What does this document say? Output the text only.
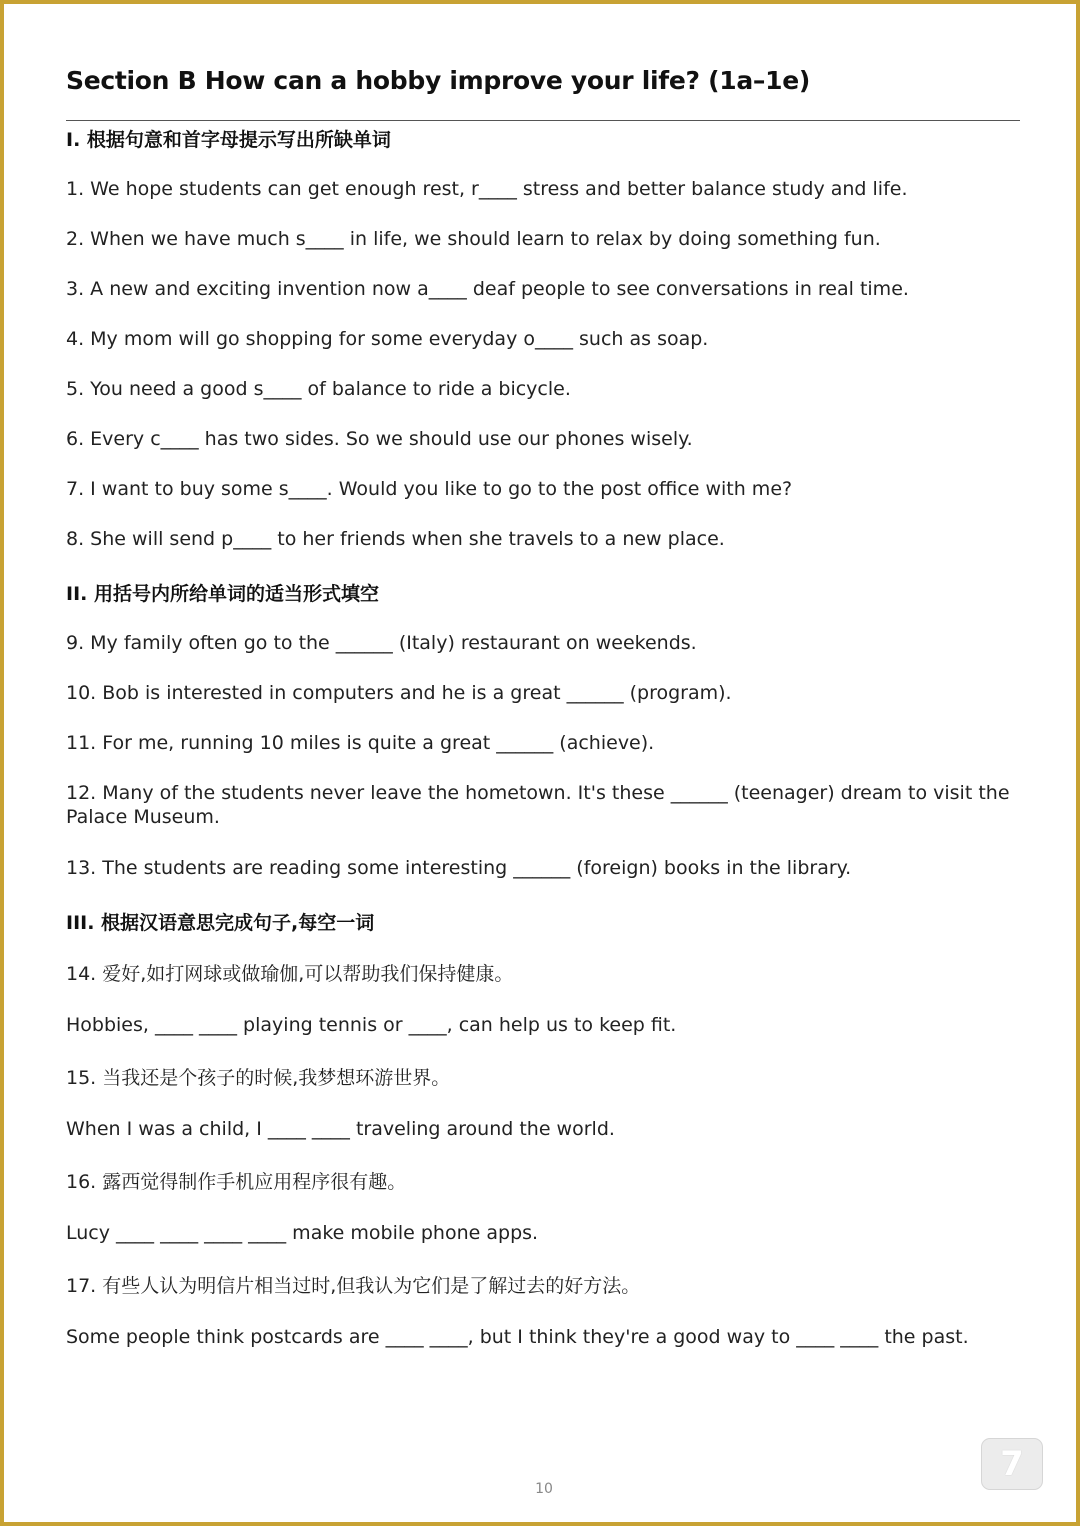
Section B How can a hobby improve your life? (1a–1e)
I. 根据句意和首字母提示写出所缺单词
1. We hope students can get enough rest, r____ stress and better balance study and life.
2. When we have much s____ in life, we should learn to relax by doing something fun.
3. A new and exciting invention now a____ deaf people to see conversations in real time.
4. My mom will go shopping for some everyday o____ such as soap.
5. You need a good s____ of balance to ride a bicycle.
6. Every c____ has two sides. So we should use our phones wisely.
7. I want to buy some s____. Would you like to go to the post office with me?
8. She will send p____ to her friends when she travels to a new place.
II. 用括号内所给单词的适当形式填空
9. My family often go to the ______ (Italy) restaurant on weekends.
10. Bob is interested in computers and he is a great ______ (program).
11. For me, running 10 miles is quite a great ______ (achieve).
12. Many of the students never leave the hometown. It's these ______ (teenager) dream to visit the Palace Museum.
13. The students are reading some interesting ______ (foreign) books in the library.
III. 根据汉语意思完成句子,每空一词
14. 爱好,如打网球或做瑜伽,可以帮助我们保持健康。
Hobbies, ____ ____ playing tennis or ____, can help us to keep fit.
15. 当我还是个孩子的时候,我梦想环游世界。
When I was a child, I ____ ____ traveling around the world.
16. 露西觉得制作手机应用程序很有趣。
Lucy ____ ____ ____ ____ make mobile phone apps.
17. 有些人认为明信片相当过时,但我认为它们是了解过去的好方法。
Some people think postcards are ____ ____, but I think they're a good way to ____ ____ the past.
10
7
